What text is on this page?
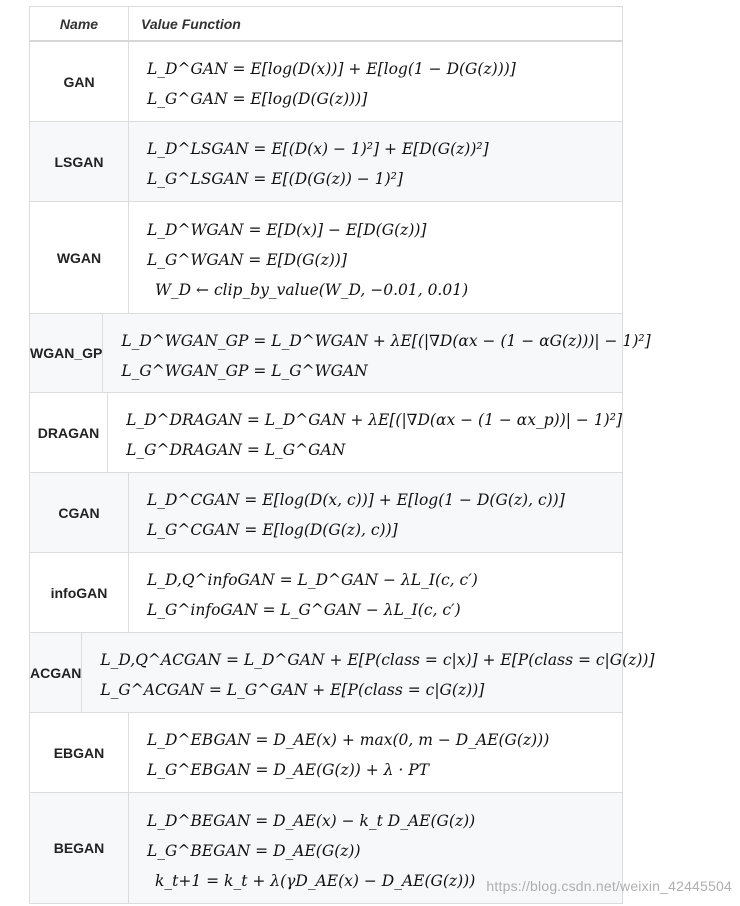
Name	Value Function
GAN
L_D^GAN = E[log(D(x))] + E[log(1 − D(G(z)))]
L_G^GAN = E[log(D(G(z)))]
LSGAN
L_D^LSGAN = E[(D(x) − 1)²] + E[D(G(z))²]
L_G^LSGAN = E[(D(G(z)) − 1)²]
WGAN
L_D^WGAN = E[D(x)] − E[D(G(z))]
L_G^WGAN = E[D(G(z))]
W_D ← clip_by_value(W_D, −0.01, 0.01)
WGAN_GP
L_D^WGAN_GP = L_D^WGAN + λE[(|∇D(αx − (1 − αG(z)))| − 1)²]
L_G^WGAN_GP = L_G^WGAN
DRAGAN
L_D^DRAGAN = L_D^GAN + λE[(|∇D(αx − (1 − αx_p))| − 1)²]
L_G^DRAGAN = L_G^GAN
CGAN
L_D^CGAN = E[log(D(x, c))] + E[log(1 − D(G(z), c))]
L_G^CGAN = E[log(D(G(z), c))]
infoGAN
L_D,Q^infoGAN = L_D^GAN − λL_I(c, c′)
L_G^infoGAN = L_G^GAN − λL_I(c, c′)
ACGAN
L_D,Q^ACGAN = L_D^GAN + E[P(class = c|x)] + E[P(class = c|G(z))]
L_G^ACGAN = L_G^GAN + E[P(class = c|G(z))]
EBGAN
L_D^EBGAN = D_AE(x) + max(0, m − D_AE(G(z)))
L_G^EBGAN = D_AE(G(z)) + λ · PT
BEGAN
L_D^BEGAN = D_AE(x) − k_t D_AE(G(z))
L_G^BEGAN = D_AE(G(z))
k_t+1 = k_t + λ(γD_AE(x) − D_AE(G(z))) https://blog.csdn.net/weixin_42445504
